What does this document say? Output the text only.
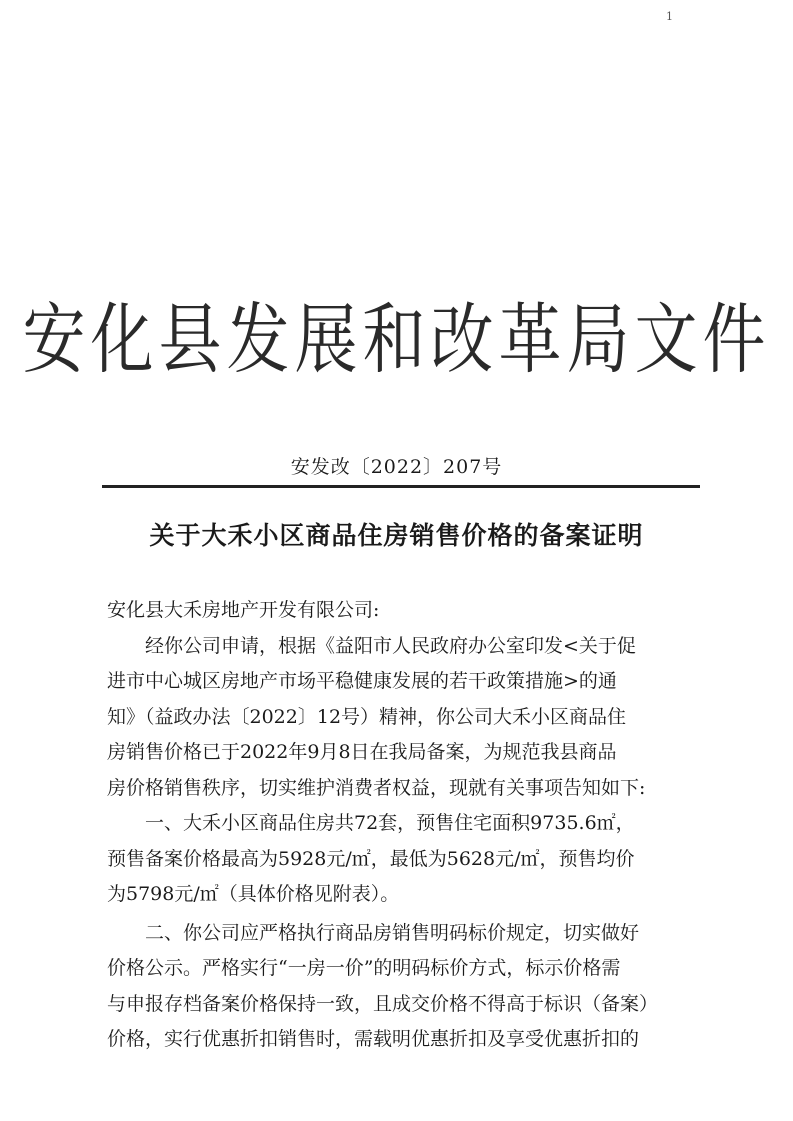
1
安化县发展和改革局文件
安发改〔2022〕207号
关于大禾小区商品住房销售价格的备案证明
安化县大禾房地产开发有限公司:
经你公司申请，根据《益阳市人民政府办公室印发<关于促
进市中心城区房地产市场平稳健康发展的若干政策措施>的通
知》（益政办法〔2022〕12号）精神，你公司大禾小区商品住
房销售价格已于2022年9月8日在我局备案，为规范我县商品
房价格销售秩序，切实维护消费者权益，现就有关事项告知如下:
一、大禾小区商品住房共72套，预售住宅面积9735.6㎡，
预售备案价格最高为5928元/㎡，最低为5628元/㎡，预售均价
为5798元/㎡（具体价格见附表）。
二、你公司应严格执行商品房销售明码标价规定，切实做好
价格公示。严格实行“一房一价”的明码标价方式，标示价格需
与申报存档备案价格保持一致，且成交价格不得高于标识（备案）
价格，实行优惠折扣销售时，需载明优惠折扣及享受优惠折扣的
